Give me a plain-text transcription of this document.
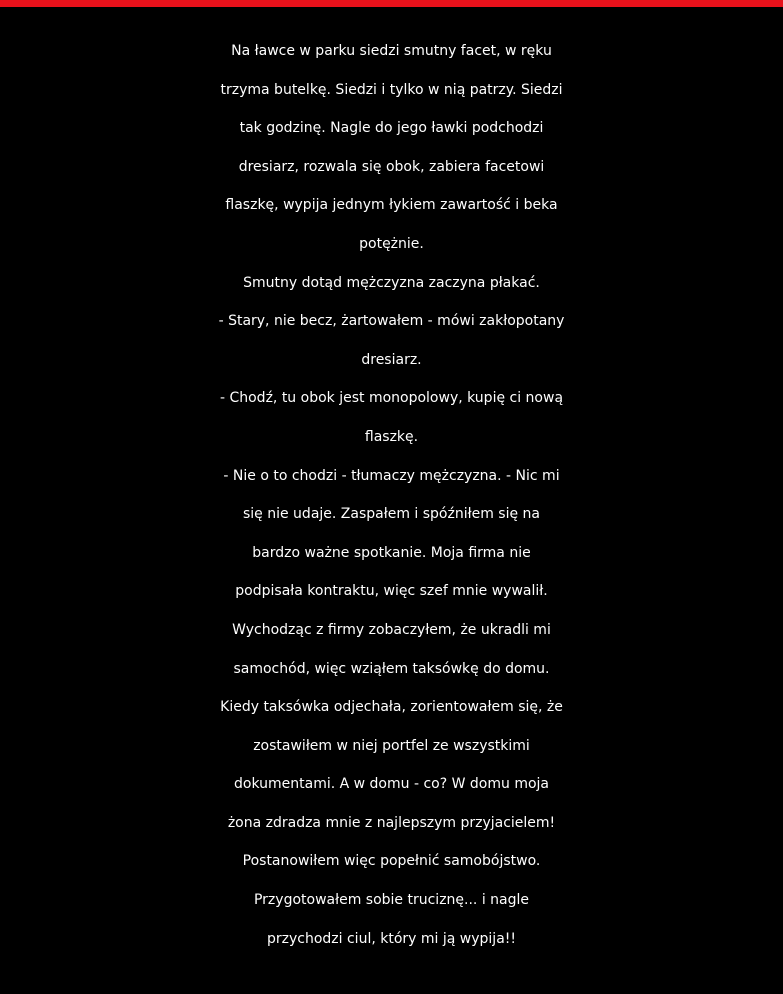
Na ławce w parku siedzi smutny facet, w ręku
trzyma butelkę. Siedzi i tylko w nią patrzy. Siedzi
tak godzinę. Nagle do jego ławki podchodzi
dresiarz, rozwala się obok, zabiera facetowi
flaszkę, wypija jednym łykiem zawartość i beka
potężnie.
Smutny dotąd mężczyzna zaczyna płakać.
- Stary, nie becz, żartowałem - mówi zakłopotany
dresiarz.
- Chodź, tu obok jest monopolowy, kupię ci nową
flaszkę.
- Nie o to chodzi - tłumaczy mężczyzna. - Nic mi
się nie udaje. Zaspałem i spóźniłem się na
bardzo ważne spotkanie. Moja firma nie
podpisała kontraktu, więc szef mnie wywalił.
Wychodząc z firmy zobaczyłem, że ukradli mi
samochód, więc wziąłem taksówkę do domu.
Kiedy taksówka odjechała, zorientowałem się, że
zostawiłem w niej portfel ze wszystkimi
dokumentami. A w domu - co? W domu moja
żona zdradza mnie z najlepszym przyjacielem!
Postanowiłem więc popełnić samobójstwo.
Przygotowałem sobie truciznę... i nagle
przychodzi ciul, który mi ją wypija!!
